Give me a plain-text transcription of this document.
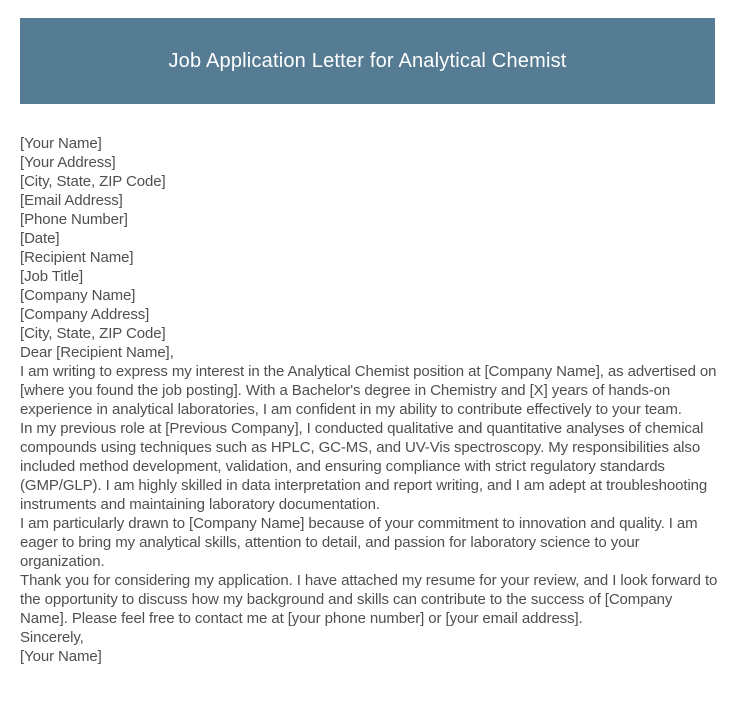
Job Application Letter for Analytical Chemist
[Your Name]
[Your Address]
[City, State, ZIP Code]
[Email Address]
[Phone Number]
[Date]
[Recipient Name]
[Job Title]
[Company Name]
[Company Address]
[City, State, ZIP Code]
Dear [Recipient Name],
I am writing to express my interest in the Analytical Chemist position at [Company Name], as advertised on [where you found the job posting]. With a Bachelor's degree in Chemistry and [X] years of hands-on experience in analytical laboratories, I am confident in my ability to contribute effectively to your team.
In my previous role at [Previous Company], I conducted qualitative and quantitative analyses of chemical compounds using techniques such as HPLC, GC-MS, and UV-Vis spectroscopy. My responsibilities also included method development, validation, and ensuring compliance with strict regulatory standards (GMP/GLP). I am highly skilled in data interpretation and report writing, and I am adept at troubleshooting instruments and maintaining laboratory documentation.
I am particularly drawn to [Company Name] because of your commitment to innovation and quality. I am eager to bring my analytical skills, attention to detail, and passion for laboratory science to your organization.
Thank you for considering my application. I have attached my resume for your review, and I look forward to the opportunity to discuss how my background and skills can contribute to the success of [Company Name]. Please feel free to contact me at [your phone number] or [your email address].
Sincerely,
[Your Name]
